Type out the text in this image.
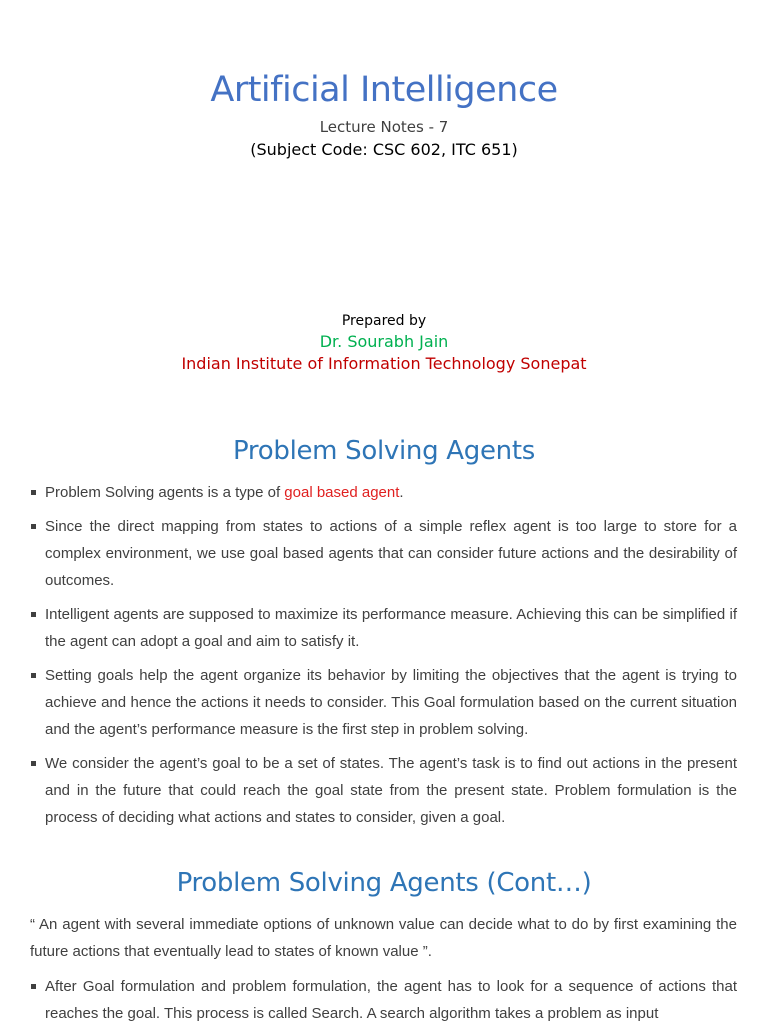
Artificial Intelligence
Lecture Notes - 7
(Subject Code: CSC 602, ITC 651)
Prepared by
Dr. Sourabh Jain
Indian Institute of Information Technology Sonepat
Problem Solving Agents
Problem Solving agents is a type of goal based agent.
Since the direct mapping from states to actions of a simple reflex agent is too large to store for a complex environment, we use goal based agents that can consider future actions and the desirability of outcomes.
Intelligent agents are supposed to maximize its performance measure. Achieving this can be simplified if the agent can adopt a goal and aim to satisfy it.
Setting goals help the agent organize its behavior by limiting the objectives that the agent is trying to achieve and hence the actions it needs to consider. This Goal formulation based on the current situation and the agent’s performance measure is the first step in problem solving.
We consider the agent’s goal to be a set of states. The agent’s task is to find out actions in the present and in the future that could reach the goal state from the present state. Problem formulation is the process of deciding what actions and states to consider, given a goal.
Problem Solving Agents (Cont…)

“ An agent with several immediate options of unknown value can decide what to do by first examining the future actions that eventually lead to states of known value ”.

After Goal formulation and problem formulation, the agent has to look for a sequence of actions that reaches the goal. This process is called Search. A search algorithm takes a problem as input
